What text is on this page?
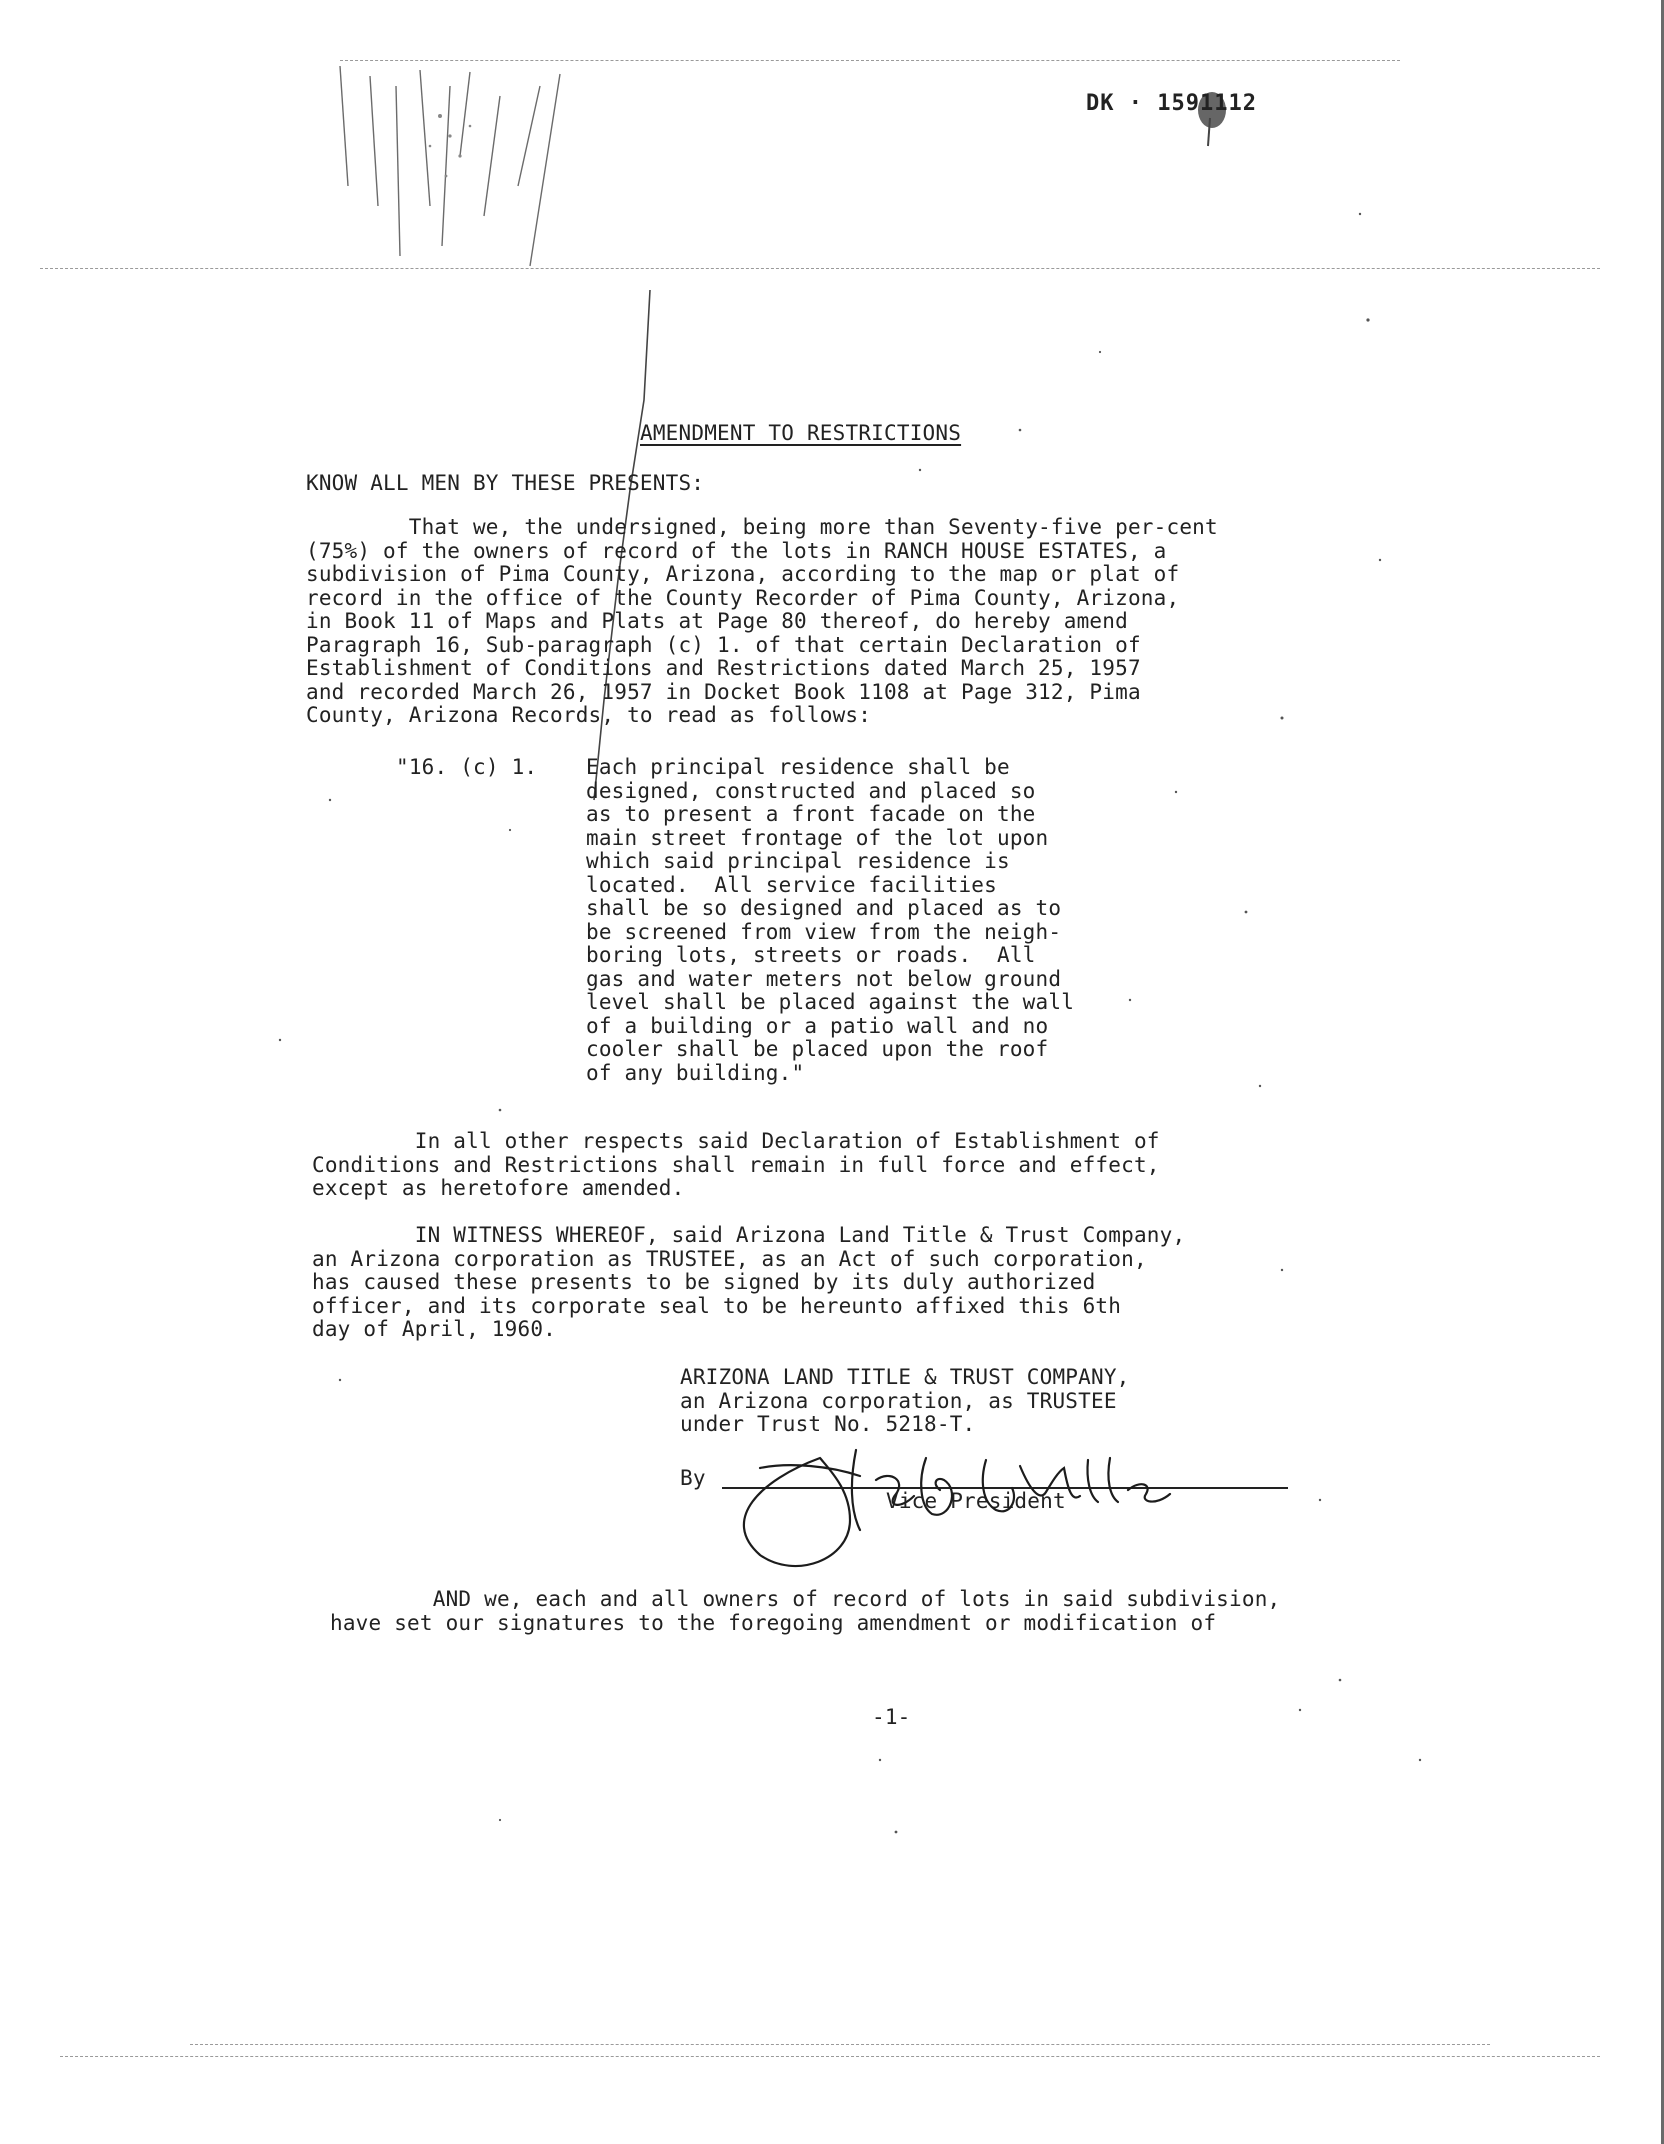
DK · 1591112
AMENDMENT TO RESTRICTIONS
KNOW ALL MEN BY THESE PRESENTS:
That we, the undersigned, being more than Seventy-five per-cent
(75%) of the owners of record of the lots in RANCH HOUSE ESTATES, a
subdivision of Pima County, Arizona, according to the map or plat of
record in the office of the County Recorder of Pima County, Arizona,
in Book 11 of Maps and Plats at Page 80 thereof, do hereby amend
Paragraph 16, Sub-paragraph (c) 1. of that certain Declaration of
Establishment of Conditions and Restrictions dated March 25, 1957
and recorded March 26, 1957 in Docket Book 1108 at Page 312, Pima
County, Arizona Records, to read as follows:
"16. (c) 1. Each principal residence shall be
designed, constructed and placed so
as to present a front facade on the
main street frontage of the lot upon
which said principal residence is
located.  All service facilities
shall be so designed and placed as to
be screened from view from the neigh-
boring lots, streets or roads.  All
gas and water meters not below ground
level shall be placed against the wall
of a building or a patio wall and no
cooler shall be placed upon the roof
of any building."
In all other respects said Declaration of Establishment of
Conditions and Restrictions shall remain in full force and effect,
except as heretofore amended.
IN WITNESS WHEREOF, said Arizona Land Title & Trust Company,
an Arizona corporation as TRUSTEE, as an Act of such corporation,
has caused these presents to be signed by its duly authorized
officer, and its corporate seal to be hereunto affixed this 6th
day of April, 1960.
ARIZONA LAND TITLE & TRUST COMPANY,
an Arizona corporation, as TRUSTEE
under Trust No. 5218-T.
By
Vice President
AND we, each and all owners of record of lots in said subdivision,
have set our signatures to the foregoing amendment or modification of
-1-
